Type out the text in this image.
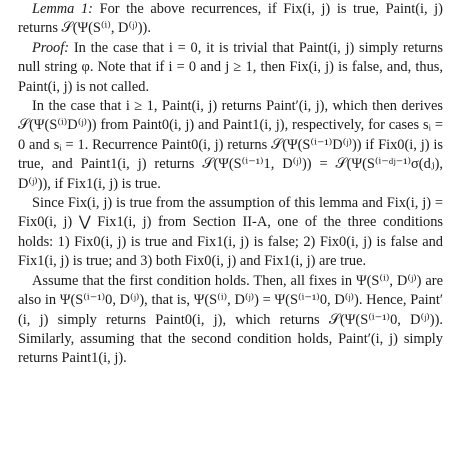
Lemma 1: For the above recurrences, if Fix(i, j) is true, Paint(i, j) returns 𝒮(Ψ(S⁽ⁱ⁾, D⁽ʲ⁾)).

Proof: In the case that i = 0, it is trivial that Paint(i, j) simply returns null string φ. Note that if i = 0 and j ≥ 1, then Fix(i, j) is false, and, thus, Paint(i, j) is not called.

In the case that i ≥ 1, Paint(i, j) returns Paint′(i, j), which then derives 𝒮(Ψ(S⁽ⁱ⁾D⁽ʲ⁾)) from Paint0(i, j) and Paint1(i, j), respectively, for cases sᵢ = 0 and sᵢ = 1. Recurrence Paint0(i, j) returns 𝒮(Ψ(S⁽ⁱ⁻¹⁾D⁽ʲ⁾)) if Fix0(i, j) is true, and Paint1(i, j) returns 𝒮(Ψ(S⁽ⁱ⁻¹⁾1, D⁽ʲ⁾)) = 𝒮(Ψ(S⁽ⁱ⁻ᵈʲ⁻¹⁾σ(dⱼ), D⁽ʲ⁾)), if Fix1(i, j) is true.

Since Fix(i, j) is true from the assumption of this lemma and Fix(i, j) = Fix0(i, j) ⋁ Fix1(i, j) from Section II-A, one of the three conditions holds: 1) Fix0(i, j) is true and Fix1(i, j) is false; 2) Fix0(i, j) is false and Fix1(i, j) is true; and 3) both Fix0(i, j) and Fix1(i, j) are true.

Assume that the first condition holds. Then, all fixes in Ψ(S⁽ⁱ⁾, D⁽ʲ⁾) are also in Ψ(S⁽ⁱ⁻¹⁾0, D⁽ʲ⁾), that is, Ψ(S⁽ⁱ⁾, D⁽ʲ⁾) = Ψ(S⁽ⁱ⁻¹⁾0, D⁽ʲ⁾). Hence, Paint′(i, j) simply returns Paint0(i, j), which returns 𝒮(Ψ(S⁽ⁱ⁻¹⁾0, D⁽ʲ⁾)). Similarly, assuming that the second condition holds, Paint′(i, j) simply returns Paint1(i, j).
